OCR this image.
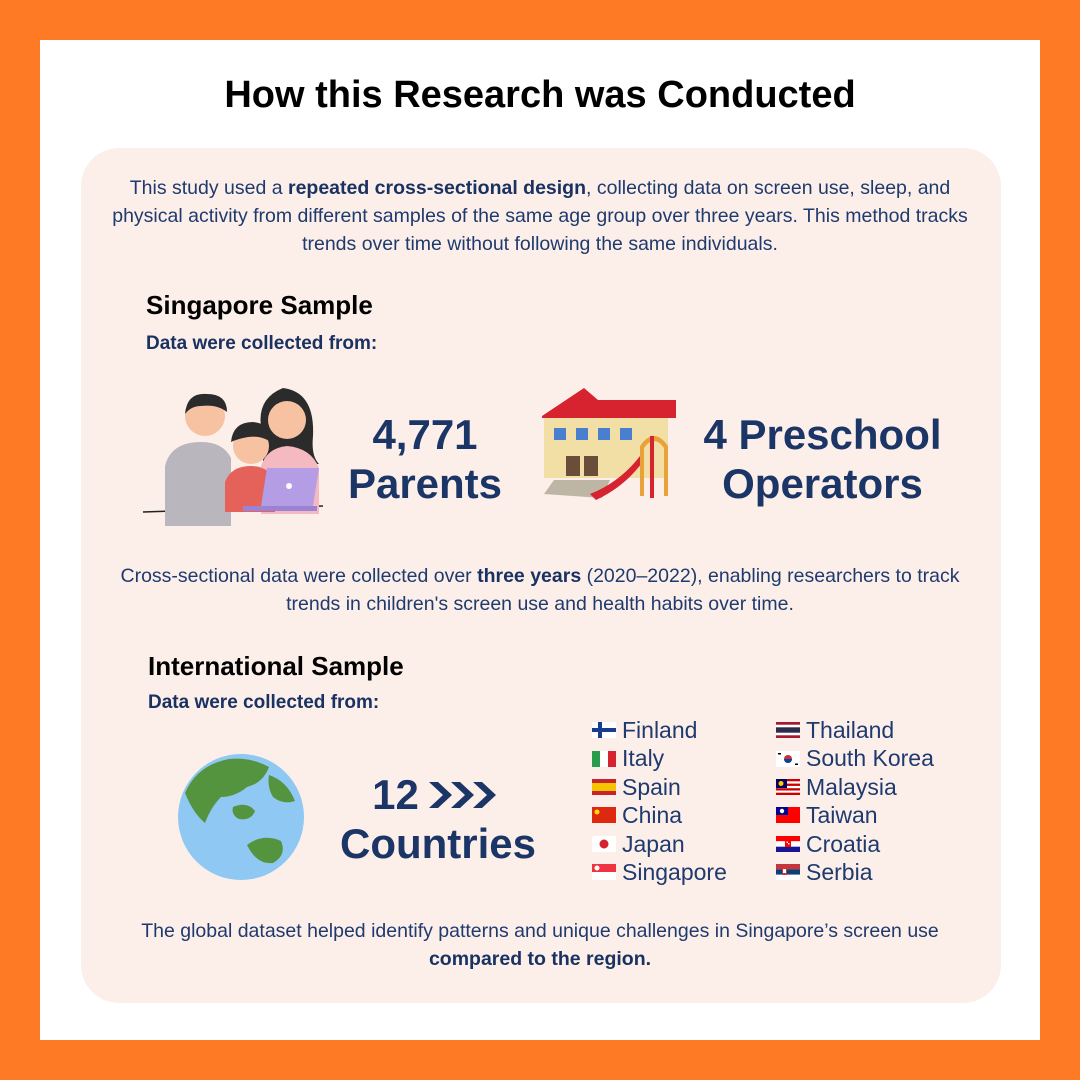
How this Research was Conducted
This study used a repeated cross-sectional design, collecting data on screen use, sleep, and physical activity from different samples of the same age group over three years. This method tracks trends over time without following the same individuals.
Singapore Sample
Data were collected from:
4,771
Parents
4 Preschool
Operators
Cross-sectional data were collected over three years (2020–2022), enabling researchers to track trends in children's screen use and health habits over time.
International Sample
Data were collected from:
12
Countries
Finland
Italy
Spain
China
Japan
Singapore
Thailand
South Korea
Malaysia
Taiwan
Croatia
Serbia
The global dataset helped identify patterns and unique challenges in Singapore’s screen use compared to the region.
